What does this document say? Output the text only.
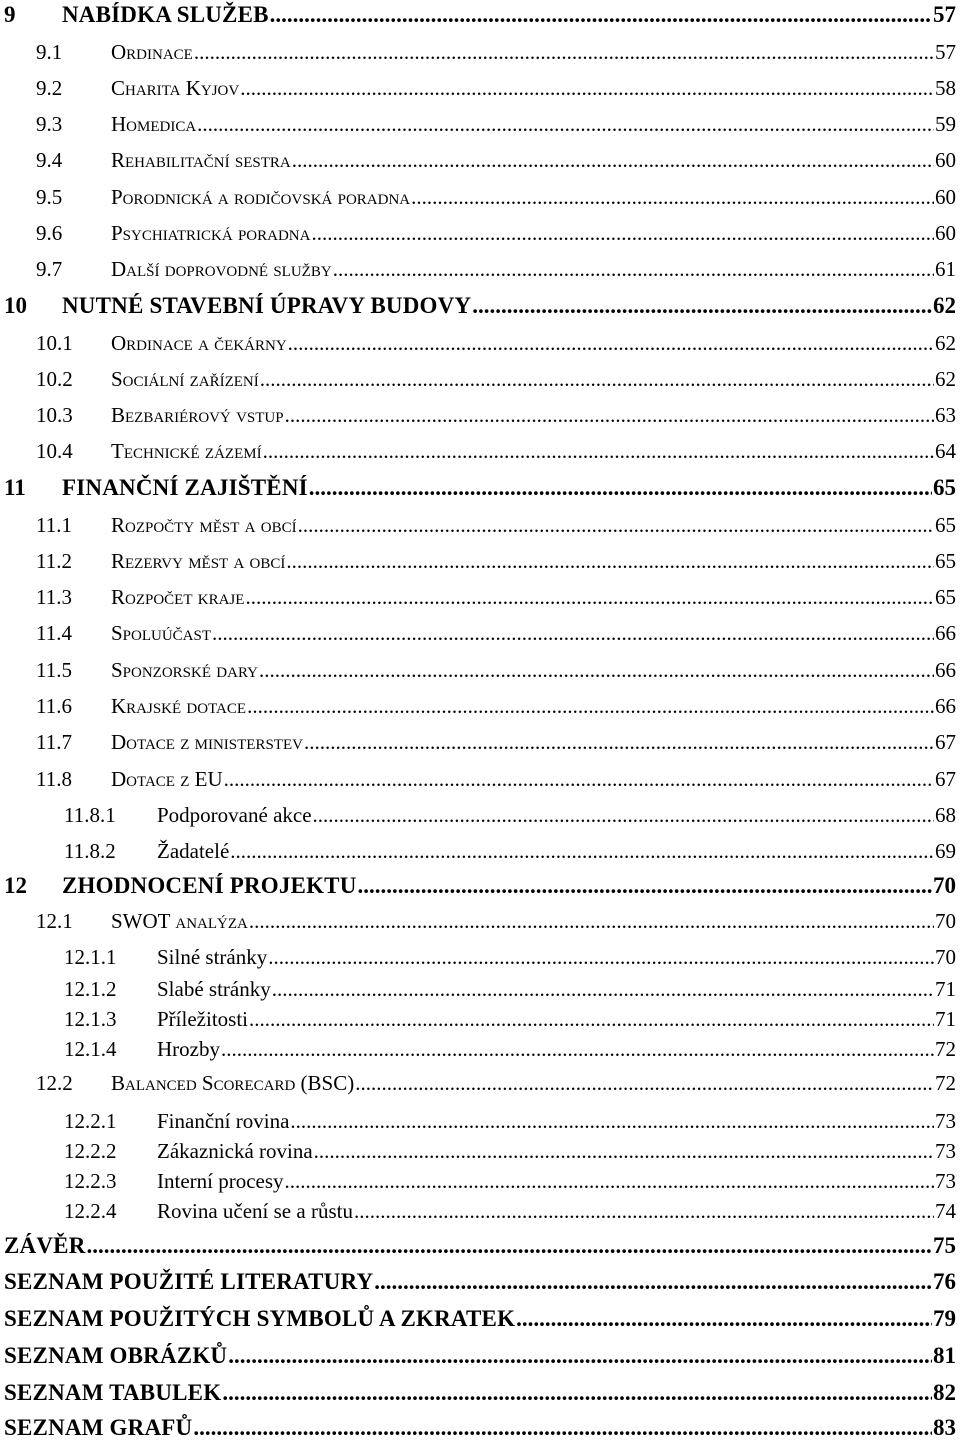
9	NABÍDKA SLUŽEB .....	57
9.1	Ordinace .....	57
9.2	Charita Kyjov .....	58
9.3	Homedica .....	59
9.4	Rehabilitační sestra .....	60
9.5	Porodnická a rodičovská poradna .....	60
9.6	Psychiatrická poradna .....	60
9.7	Další doprovodné služby .....	61
10	NUTNÉ STAVEBNÍ ÚPRAVY BUDOVY .....	62
10.1	Ordinace a čekárny .....	62
10.2	Sociální zařízení .....	62
10.3	Bezbariérový vstup .....	63
10.4	Technické zázemí .....	64
11	FINANČNÍ ZAJIŠTĚNÍ .....	65
11.1	Rozpočty měst a obcí .....	65
11.2	Rezervy měst a obcí .....	65
11.3	Rozpočet kraje .....	65
11.4	Spoluúčast .....	66
11.5	Sponzorské dary .....	66
11.6	Krajské dotace .....	66
11.7	Dotace z ministerstev .....	67
11.8	Dotace z EU .....	67
11.8.1	Podporované akce .....	68
11.8.2	Žadatelé .....	69
12	ZHODNOCENÍ PROJEKTU .....	70
12.1	SWOT analýza .....	70
12.1.1	Silné stránky .....	70
12.1.2	Slabé stránky .....	71
12.1.3	Příležitosti .....	71
12.1.4	Hrozby .....	72
12.2	Balanced Scorecard (BSC) .....	72
12.2.1	Finanční rovina .....	73
12.2.2	Zákaznická rovina .....	73
12.2.3	Interní procesy .....	73
12.2.4	Rovina učení se a růstu .....	74
ZÁVĚR .....	75
SEZNAM POUŽITÉ LITERATURY .....	76
SEZNAM POUŽITÝCH SYMBOLŮ A ZKRATEK .....	79
SEZNAM OBRÁZKŮ .....	81
SEZNAM TABULEK .....	82
SEZNAM GRAFŮ .....	83
